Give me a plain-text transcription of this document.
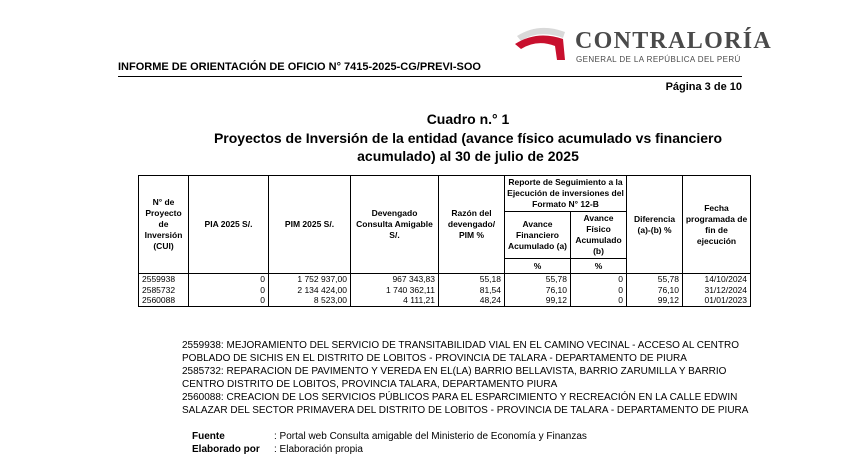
CONTRALORÍA
GENERAL DE LA REPÚBLICA DEL PERÚ
INFORME DE ORIENTACIÓN DE OFICIO N° 7415-2025-CG/PREVI-SOO
Página 3 de 10
Cuadro n.° 1
Proyectos de Inversión de la entidad (avance físico acumulado vs financiero
acumulado) al 30 de julio de 2025
N° de Proyecto de Inversión (CUI)	PIA 2025 S/.	PIM 2025 S/.	Devengado Consulta Amigable S/.	Razón del devengado/ PIM %	Reporte de Seguimiento a la Ejecución de inversiones del Formato N° 12-B		Diferencia (a)-(b) %	Fecha programada de fin de ejecución
					Avance Financiero Acumulado (a)	Avance Físico Acumulado (b)		
					%	%		
2559938	0	1 752 937,00	967 343,83	55,18	55,78	0	55,78	14/10/2024
2585732	0	2 134 424,00	1 740 362,11	81,54	76,10	0	76,10	31/12/2024
2560088	0	8 523,00	4 111,21	48,24	99,12	0	99,12	01/01/2023

2559938: MEJORAMIENTO DEL SERVICIO DE TRANSITABILIDAD VIAL EN EL CAMINO VECINAL - ACCESO AL CENTRO POBLADO DE SICHIS EN EL DISTRITO DE LOBITOS - PROVINCIA DE TALARA - DEPARTAMENTO DE PIURA

2585732: REPARACION DE PAVIMENTO Y VEREDA EN EL(LA) BARRIO BELLAVISTA, BARRIO ZARUMILLA Y BARRIO CENTRO DISTRITO DE LOBITOS, PROVINCIA TALARA, DEPARTAMENTO PIURA

2560088: CREACION DE LOS SERVICIOS PÚBLICOS PARA EL ESPARCIMIENTO Y RECREACIÓN EN LA CALLE EDWIN SALAZAR DEL SECTOR PRIMAVERA DEL DISTRITO DE LOBITOS - PROVINCIA DE TALARA - DEPARTAMENTO DE PIURA

Fuente	: Portal web Consulta amigable del Ministerio de Economía y Finanzas
Elaborado por : Elaboración propia
